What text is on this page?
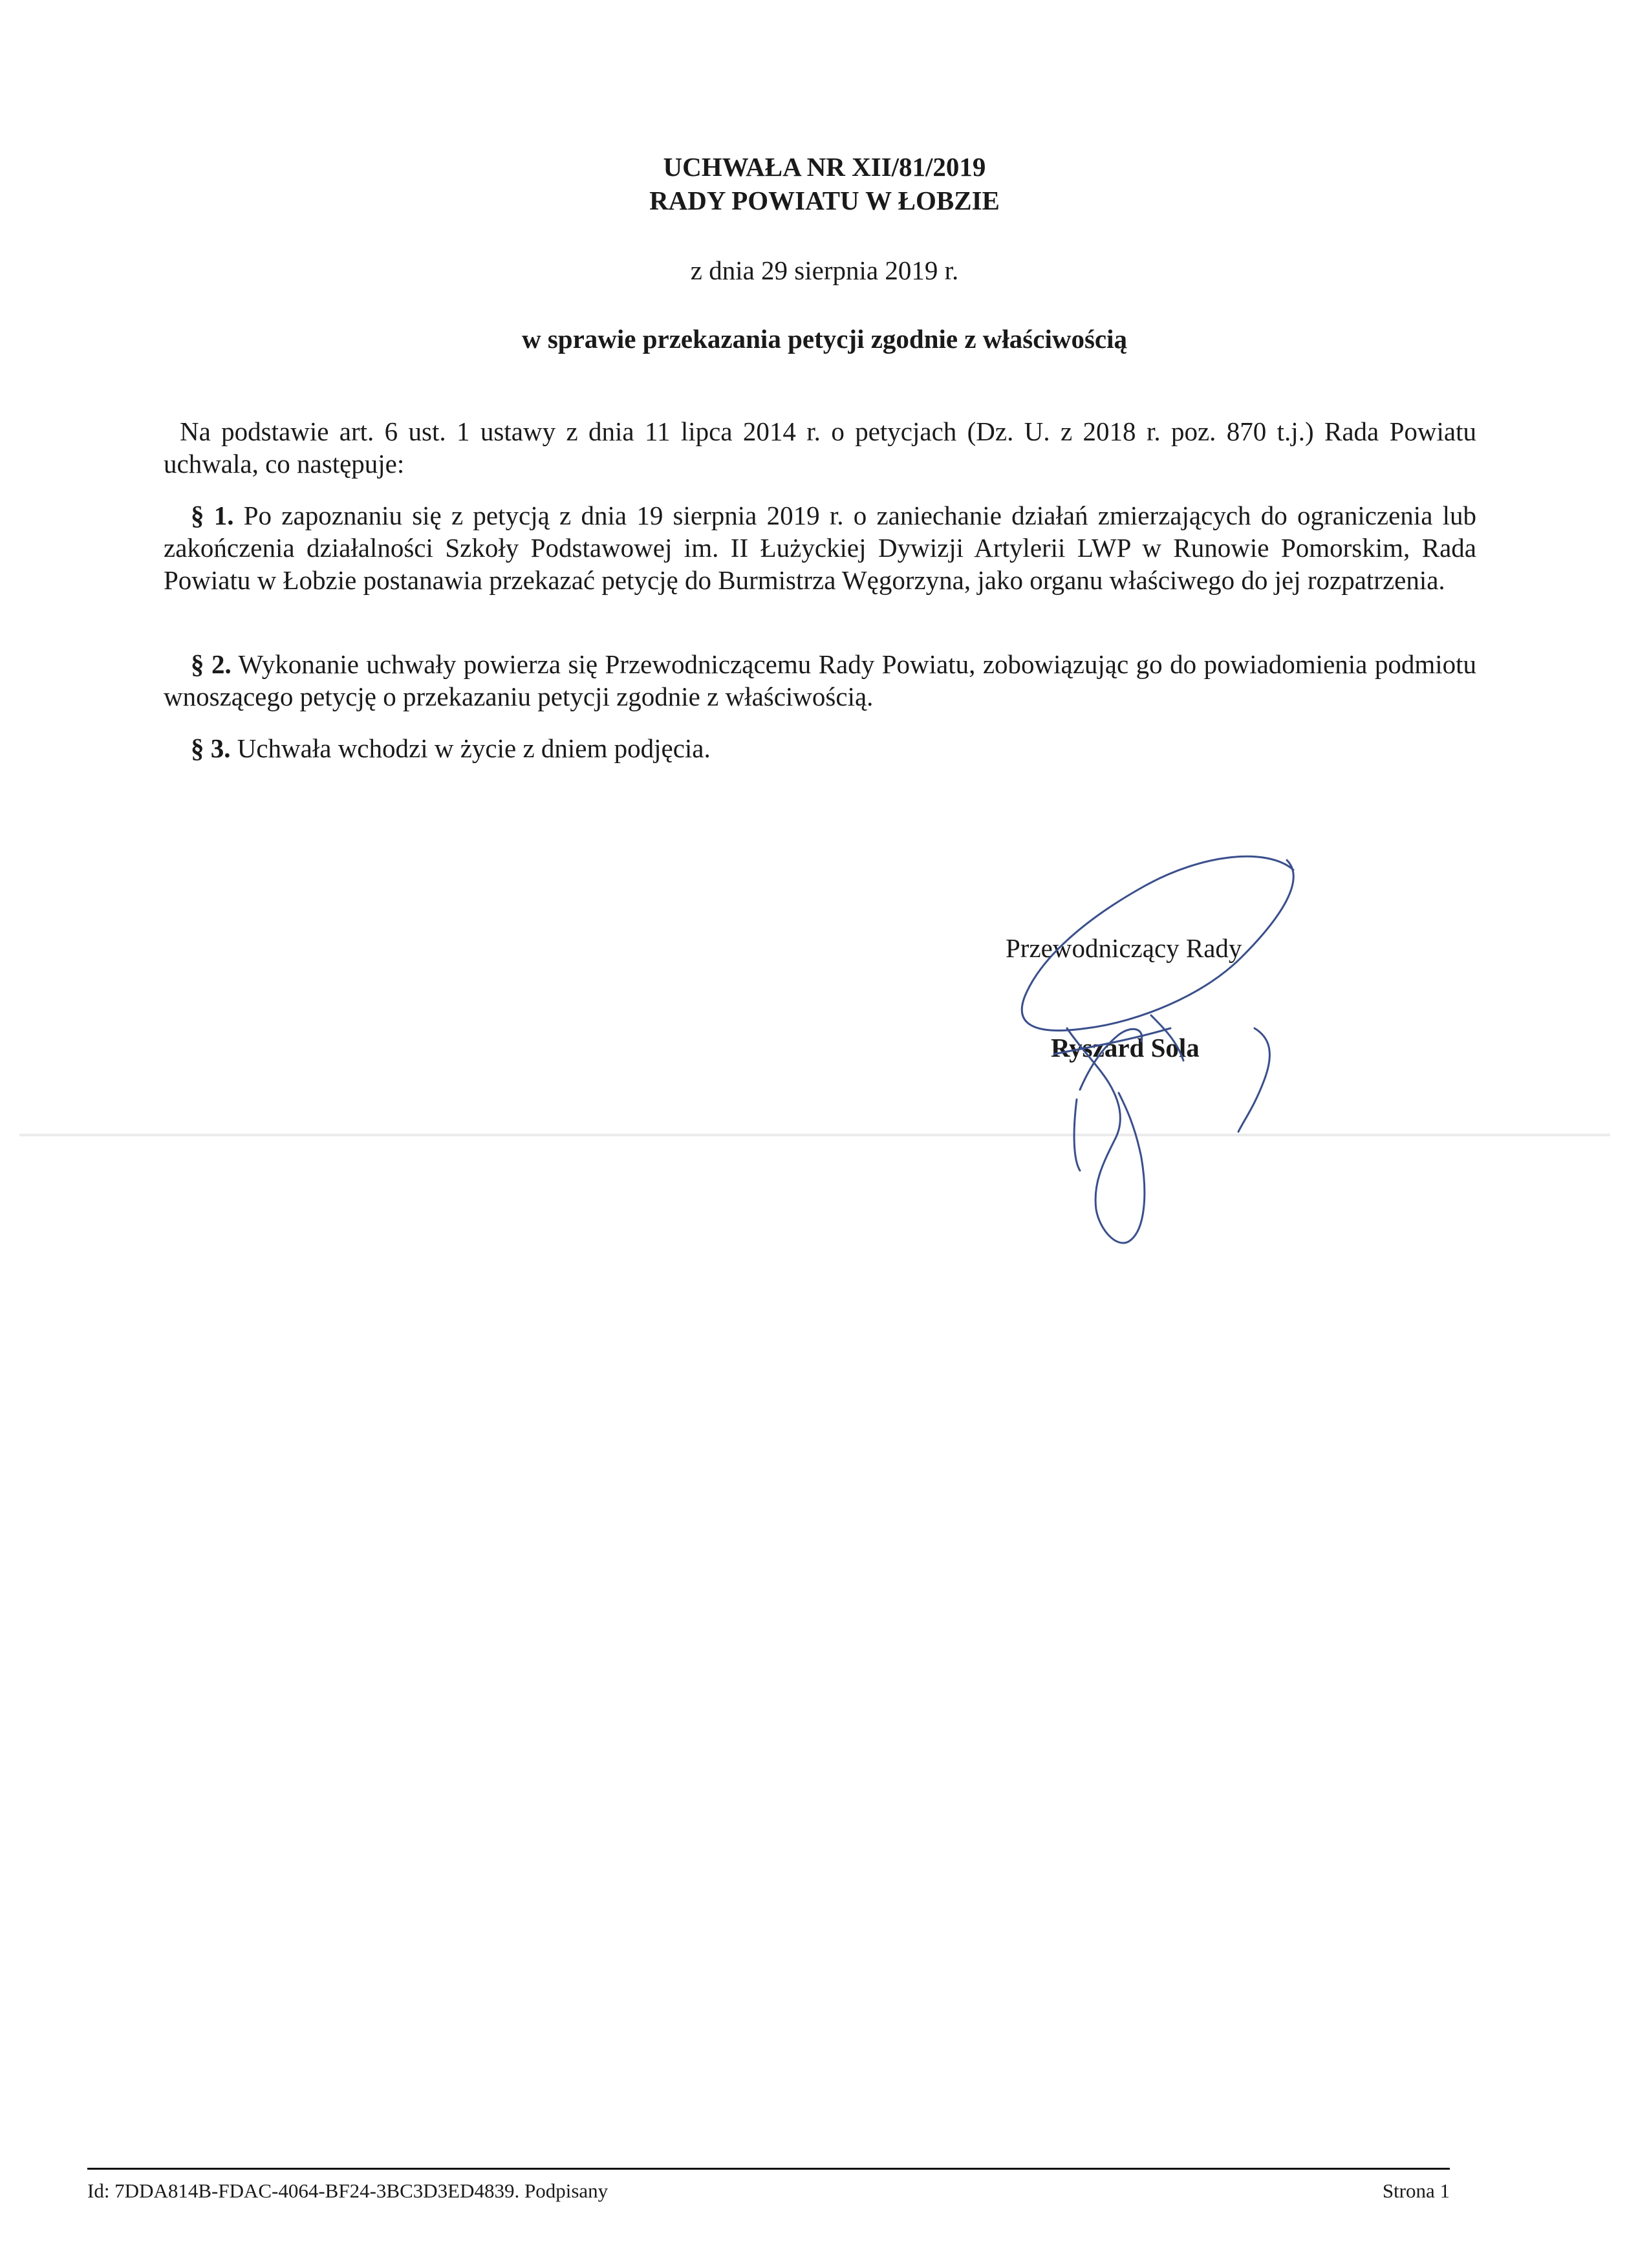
UCHWAŁA NR XII/81/2019
RADY POWIATU W ŁOBZIE
z dnia 29 sierpnia 2019 r.
w sprawie przekazania petycji zgodnie z właściwością
Na podstawie art. 6 ust. 1 ustawy z dnia 11 lipca 2014 r. o petycjach (Dz. U. z 2018 r. poz. 870 t.j.) Rada Powiatu uchwala, co następuje:
§ 1. Po zapoznaniu się z petycją z dnia 19 sierpnia 2019 r. o zaniechanie działań zmierzających do ograniczenia lub zakończenia działalności Szkoły Podstawowej im. II Łużyckiej Dywizji Artylerii LWP w Runowie Pomorskim, Rada Powiatu w Łobzie postanawia przekazać petycję do Burmistrza Węgorzyna, jako organu właściwego do jej rozpatrzenia.
§ 2. Wykonanie uchwały powierza się Przewodniczącemu Rady Powiatu, zobowiązując go do powiadomienia podmiotu wnoszącego petycję o przekazaniu petycji zgodnie z właściwością.
§ 3. Uchwała wchodzi w życie z dniem podjęcia.
Przewodniczący Rady
Ryszard Sola
Id: 7DDA814B-FDAC-4064-BF24-3BC3D3ED4839. Podpisany	Strona 1
